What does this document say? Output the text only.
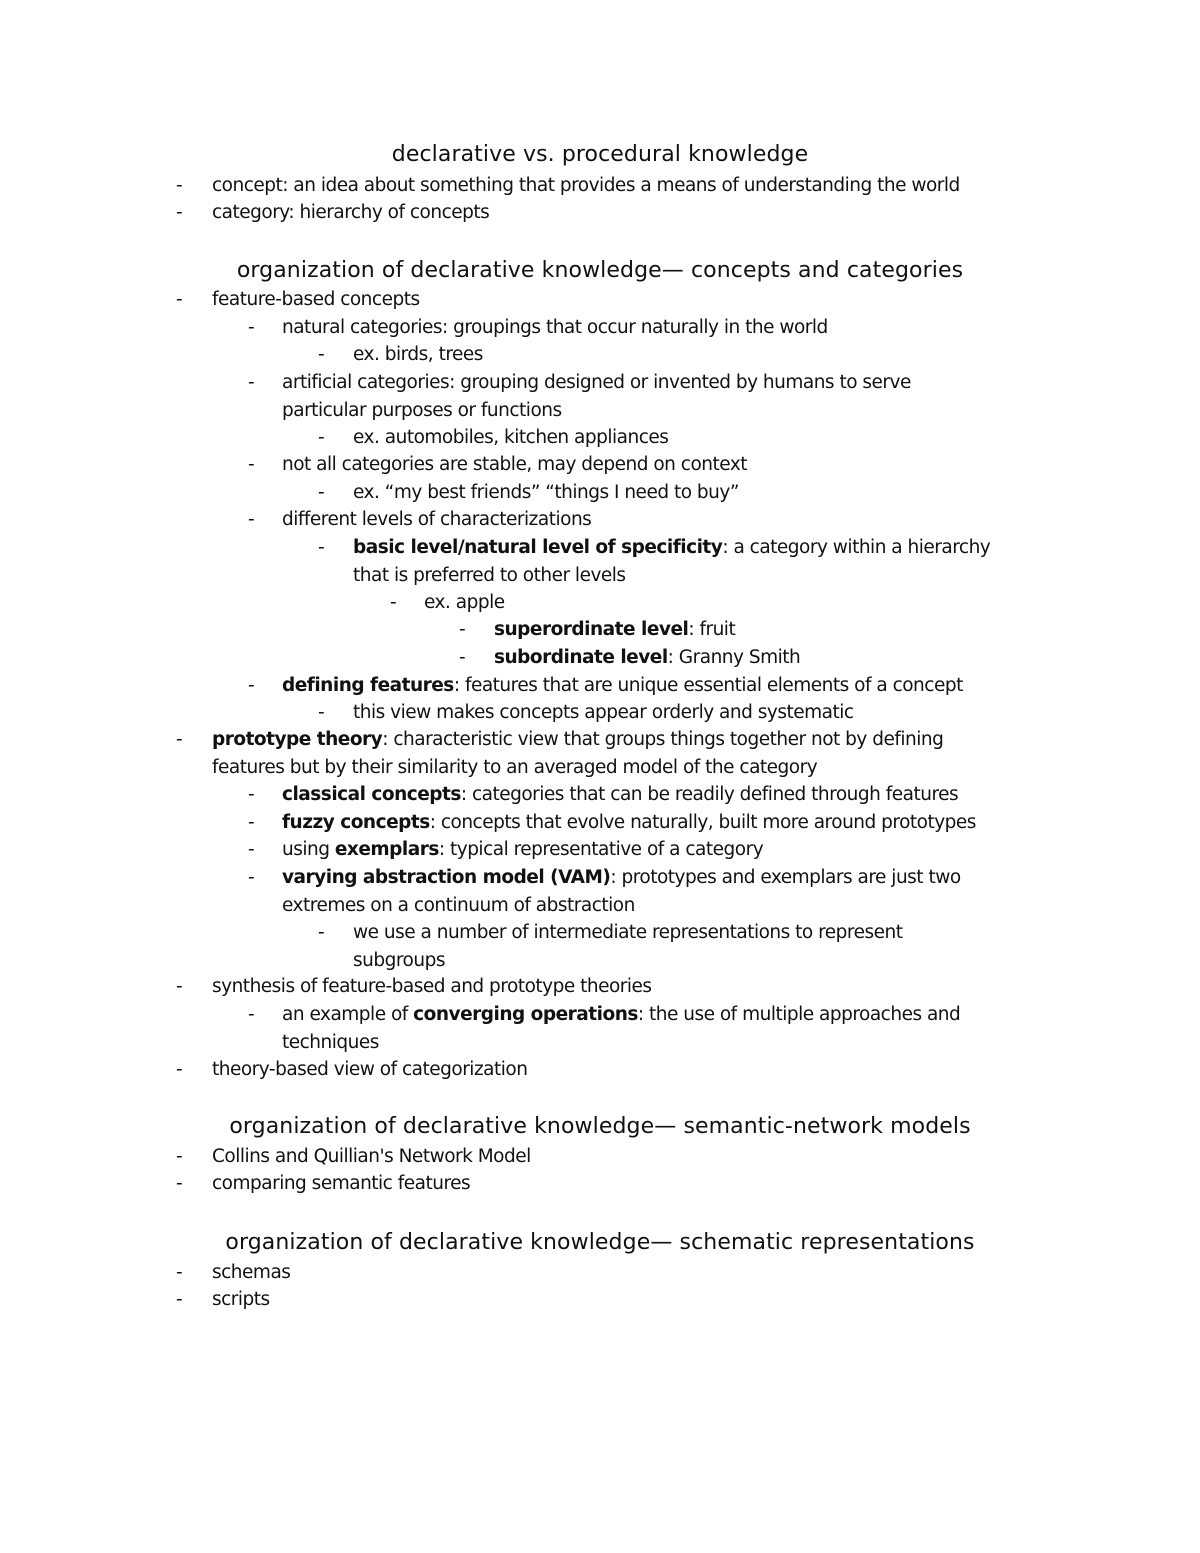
declarative vs. procedural knowledge
- concept: an idea about something that provides a means of understanding the world
- category: hierarchy of concepts
organization of declarative knowledge— concepts and categories
- feature-based concepts
- natural categories: groupings that occur naturally in the world
- ex. birds, trees
- artificial categories: grouping designed or invented by humans to serve
particular purposes or functions
- ex. automobiles, kitchen appliances
- not all categories are stable, may depend on context
- ex. “my best friends” “things I need to buy”
- different levels of characterizations
- basic level/natural level of specificity: a category within a hierarchy
that is preferred to other levels
- ex. apple
- superordinate level: fruit
- subordinate level: Granny Smith
- defining features: features that are unique essential elements of a concept
- this view makes concepts appear orderly and systematic
- prototype theory: characteristic view that groups things together not by defining
features but by their similarity to an averaged model of the category
- classical concepts: categories that can be readily defined through features
- fuzzy concepts: concepts that evolve naturally, built more around prototypes
- using exemplars: typical representative of a category
- varying abstraction model (VAM): prototypes and exemplars are just two
extremes on a continuum of abstraction
- we use a number of intermediate representations to represent
subgroups
- synthesis of feature-based and prototype theories
- an example of converging operations: the use of multiple approaches and
techniques
- theory-based view of categorization
organization of declarative knowledge— semantic-network models
- Collins and Quillian's Network Model
- comparing semantic features
organization of declarative knowledge— schematic representations
- schemas
- scripts
